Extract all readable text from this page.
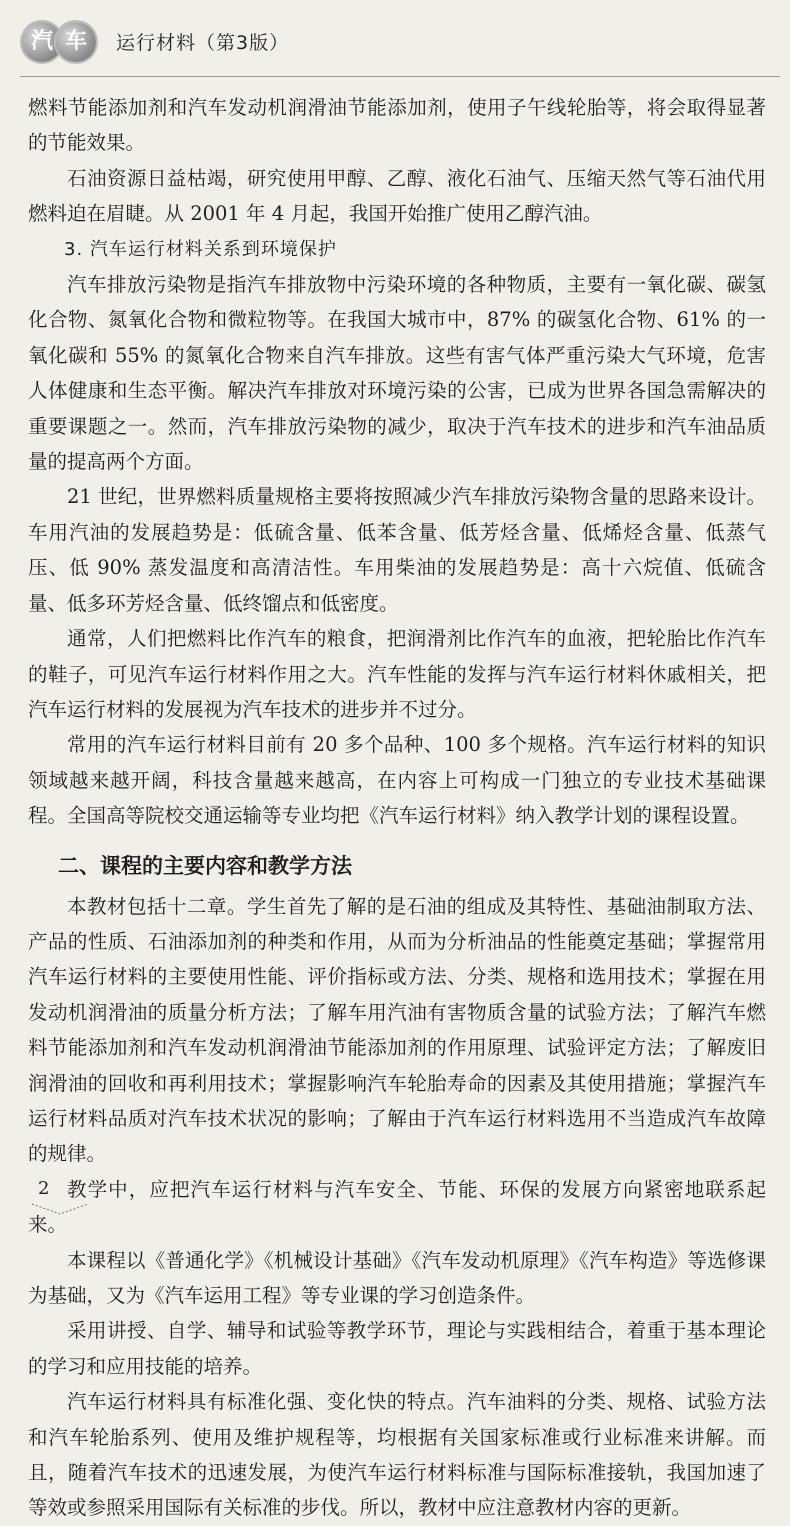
汽 车	运行材料（第3版）

燃料节能添加剂和汽车发动机润滑油节能添加剂，使用子午线轮胎等，将会取得显著的节能效果。

石油资源日益枯竭，研究使用甲醇、乙醇、液化石油气、压缩天然气等石油代用燃料迫在眉睫。从 2001 年 4 月起，我国开始推广使用乙醇汽油。

3. 汽车运行材料关系到环境保护

汽车排放污染物是指汽车排放物中污染环境的各种物质，主要有一氧化碳、碳氢化合物、氮氧化合物和微粒物等。在我国大城市中，87% 的碳氢化合物、61% 的一氧化碳和 55% 的氮氧化合物来自汽车排放。这些有害气体严重污染大气环境，危害人体健康和生态平衡。解决汽车排放对环境污染的公害，已成为世界各国急需解决的重要课题之一。然而，汽车排放污染物的减少，取决于汽车技术的进步和汽车油品质量的提高两个方面。

21 世纪，世界燃料质量规格主要将按照减少汽车排放污染物含量的思路来设计。车用汽油的发展趋势是：低硫含量、低苯含量、低芳烃含量、低烯烃含量、低蒸气压、低 90% 蒸发温度和高清洁性。车用柴油的发展趋势是：高十六烷值、低硫含量、低多环芳烃含量、低终馏点和低密度。

通常，人们把燃料比作汽车的粮食，把润滑剂比作汽车的血液，把轮胎比作汽车的鞋子，可见汽车运行材料作用之大。汽车性能的发挥与汽车运行材料休戚相关，把汽车运行材料的发展视为汽车技术的进步并不过分。

常用的汽车运行材料目前有 20 多个品种、100 多个规格。汽车运行材料的知识领域越来越开阔，科技含量越来越高，在内容上可构成一门独立的专业技术基础课程。全国高等院校交通运输等专业均把《汽车运行材料》纳入教学计划的课程设置。

二、课程的主要内容和教学方法

本教材包括十二章。学生首先了解的是石油的组成及其特性、基础油制取方法、产品的性质、石油添加剂的种类和作用，从而为分析油品的性能奠定基础；掌握常用汽车运行材料的主要使用性能、评价指标或方法、分类、规格和选用技术；掌握在用发动机润滑油的质量分析方法；了解车用汽油有害物质含量的试验方法；了解汽车燃料节能添加剂和汽车发动机润滑油节能添加剂的作用原理、试验评定方法；了解废旧润滑油的回收和再利用技术；掌握影响汽车轮胎寿命的因素及其使用措施；掌握汽车运行材料品质对汽车技术状况的影响；了解由于汽车运行材料选用不当造成汽车故障的规律。

教学中，应把汽车运行材料与汽车安全、节能、环保的发展方向紧密地联系起来。

本课程以《普通化学》《机械设计基础》《汽车发动机原理》《汽车构造》等选修课为基础，又为《汽车运用工程》等专业课的学习创造条件。

采用讲授、自学、辅导和试验等教学环节，理论与实践相结合，着重于基本理论的学习和应用技能的培养。

汽车运行材料具有标准化强、变化快的特点。汽车油料的分类、规格、试验方法和汽车轮胎系列、使用及维护规程等，均根据有关国家标准或行业标准来讲解。而且，随着汽车技术的迅速发展，为使汽车运行材料标准与国际标准接轨，我国加速了等效或参照采用国际有关标准的步伐。所以，教材中应注意教材内容的更新。

2
